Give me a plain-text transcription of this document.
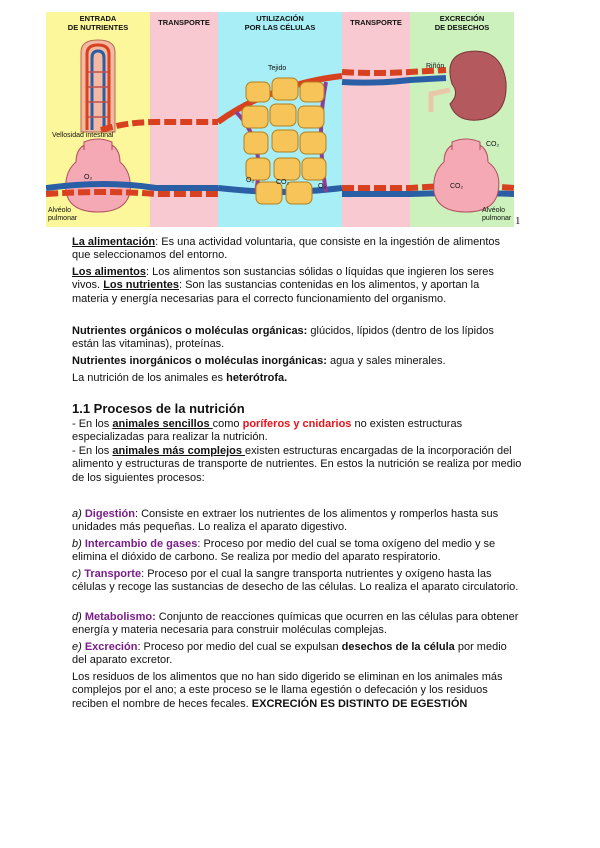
ENTRADA
DE NUTRIENTES
TRANSPORTE	UTILIZACIÓN
POR LAS CÉLULAS
TRANSPORTE	EXCRECIÓN
DE DESECHOS
Vellosidad intestinal
O₂
Alvéolo
pulmonar
Tejido
O₂	CO₂
Riñón
CO₂
Alvéolo
pulmonar
CO₂
O₂
1

La alimentación: Es una actividad voluntaria, que consiste en la ingestión de alimentos que seleccionamos del entorno.

Los alimentos: Los alimentos son sustancias sólidas o líquidas que ingieren los seres vivos. Los nutrientes: Son las sustancias contenidas en los alimentos, y aportan la materia y energía necesarias para el correcto funcionamiento del organismo.

Nutrientes orgánicos o moléculas orgánicas: glúcidos, lípidos (dentro de los lípidos están las vitaminas), proteínas.

Nutrientes inorgánicos o moléculas inorgánicas: agua y sales minerales.

La nutrición de los animales es heterótrofa.

1.1 Procesos de la nutrición

- En los animales sencillos como poríferos y cnidarios no existen estructuras especializadas para realizar la nutrición.

- En los animales más complejos existen estructuras encargadas de la incorporación del alimento y estructuras de transporte de nutrientes. En estos la nutrición se realiza por medio de los siguientes procesos:

a) Digestión: Consiste en extraer los nutrientes de los alimentos y romperlos hasta sus unidades más pequeñas. Lo realiza el aparato digestivo.

b) Intercambio de gases: Proceso por medio del cual se toma oxígeno del medio y se elimina el dióxido de carbono. Se realiza por medio del aparato respiratorio.

c) Transporte: Proceso por el cual la sangre transporta nutrientes y oxígeno hasta las células y recoge las sustancias de desecho de las células. Lo realiza el aparato circulatorio.

d) Metabolismo: Conjunto de reacciones químicas que ocurren en las células para obtener energía y materia necesaria para construir moléculas complejas.

e) Excreción: Proceso por medio del cual se expulsan desechos de la célula por medio del aparato excretor.

Los residuos de los alimentos que no han sido digerido se eliminan en los animales más complejos por el ano; a este proceso se le llama egestión o defecación y los residuos reciben el nombre de heces fecales. EXCRECIÓN ES DISTINTO DE EGESTIÓN
